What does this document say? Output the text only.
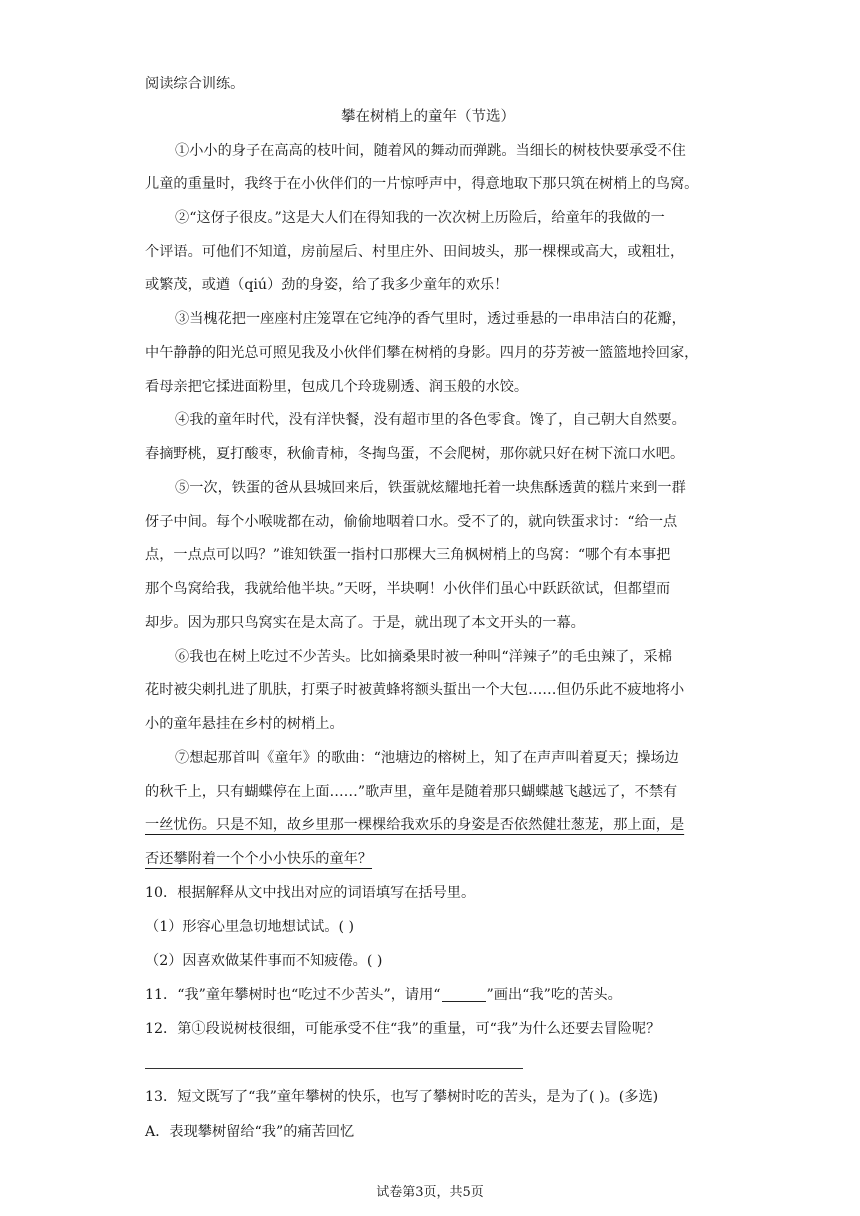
阅读综合训练。
攀在树梢上的童年（节选）
①小小的身子在高高的枝叶间，随着风的舞动而弹跳。当细长的树枝快要承受不住
儿童的重量时，我终于在小伙伴们的一片惊呼声中，得意地取下那只筑在树梢上的鸟窝。
②“这伢子很皮。”这是大人们在得知我的一次次树上历险后，给童年的我做的一
个评语。可他们不知道，房前屋后、村里庄外、田间坡头，那一棵棵或高大，或粗壮，
或繁茂，或遒（qiú）劲的身姿，给了我多少童年的欢乐！
③当槐花把一座座村庄笼罩在它纯净的香气里时，透过垂悬的一串串洁白的花瓣，
中午静静的阳光总可照见我及小伙伴们攀在树梢的身影。四月的芬芳被一篮篮地拎回家，
看母亲把它揉进面粉里，包成几个玲珑剔透、润玉般的水饺。
④我的童年时代，没有洋快餐，没有超市里的各色零食。馋了，自己朝大自然要。
春摘野桃，夏打酸枣，秋偷青柿，冬掏鸟蛋，不会爬树，那你就只好在树下流口水吧。
⑤一次，铁蛋的爸从县城回来后，铁蛋就炫耀地托着一块焦酥透黄的糕片来到一群
伢子中间。每个小喉咙都在动，偷偷地咽着口水。受不了的，就向铁蛋求讨：“给一点
点，一点点可以吗？”谁知铁蛋一指村口那棵大三角枫树梢上的鸟窝：“哪个有本事把
那个鸟窝给我，我就给他半块。”天呀，半块啊！小伙伴们虽心中跃跃欲试，但都望而
却步。因为那只鸟窝实在是太高了。于是，就出现了本文开头的一幕。
⑥我也在树上吃过不少苦头。比如摘桑果时被一种叫“洋辣子”的毛虫辣了，采棉
花时被尖刺扎进了肌肤，打栗子时被黄蜂将额头蜇出一个大包……但仍乐此不疲地将小
小的童年悬挂在乡村的树梢上。
⑦想起那首叫《童年》的歌曲：“池塘边的榕树上，知了在声声叫着夏天；操场边
的秋千上，只有蝴蝶停在上面……”歌声里，童年是随着那只蝴蝶越飞越远了，不禁有
一丝忧伤。只是不知，故乡里那一棵棵给我欢乐的身姿是否依然健壮葱茏，那上面，是
否还攀附着一个个小小快乐的童年？
10．根据解释从文中找出对应的词语填写在括号里。
（1）形容心里急切地想试试。( )
（2）因喜欢做某件事而不知疲倦。( )
11．“我”童年攀树时也“吃过不少苦头”，请用“	”画出“我”吃的苦头。
12．第①段说树枝很细，可能承受不住“我”的重量，可“我”为什么还要去冒险呢？
13．短文既写了“我”童年攀树的快乐，也写了攀树时吃的苦头，是为了( )。(多选)
A．表现攀树留给“我”的痛苦回忆
试卷第3页，共5页
